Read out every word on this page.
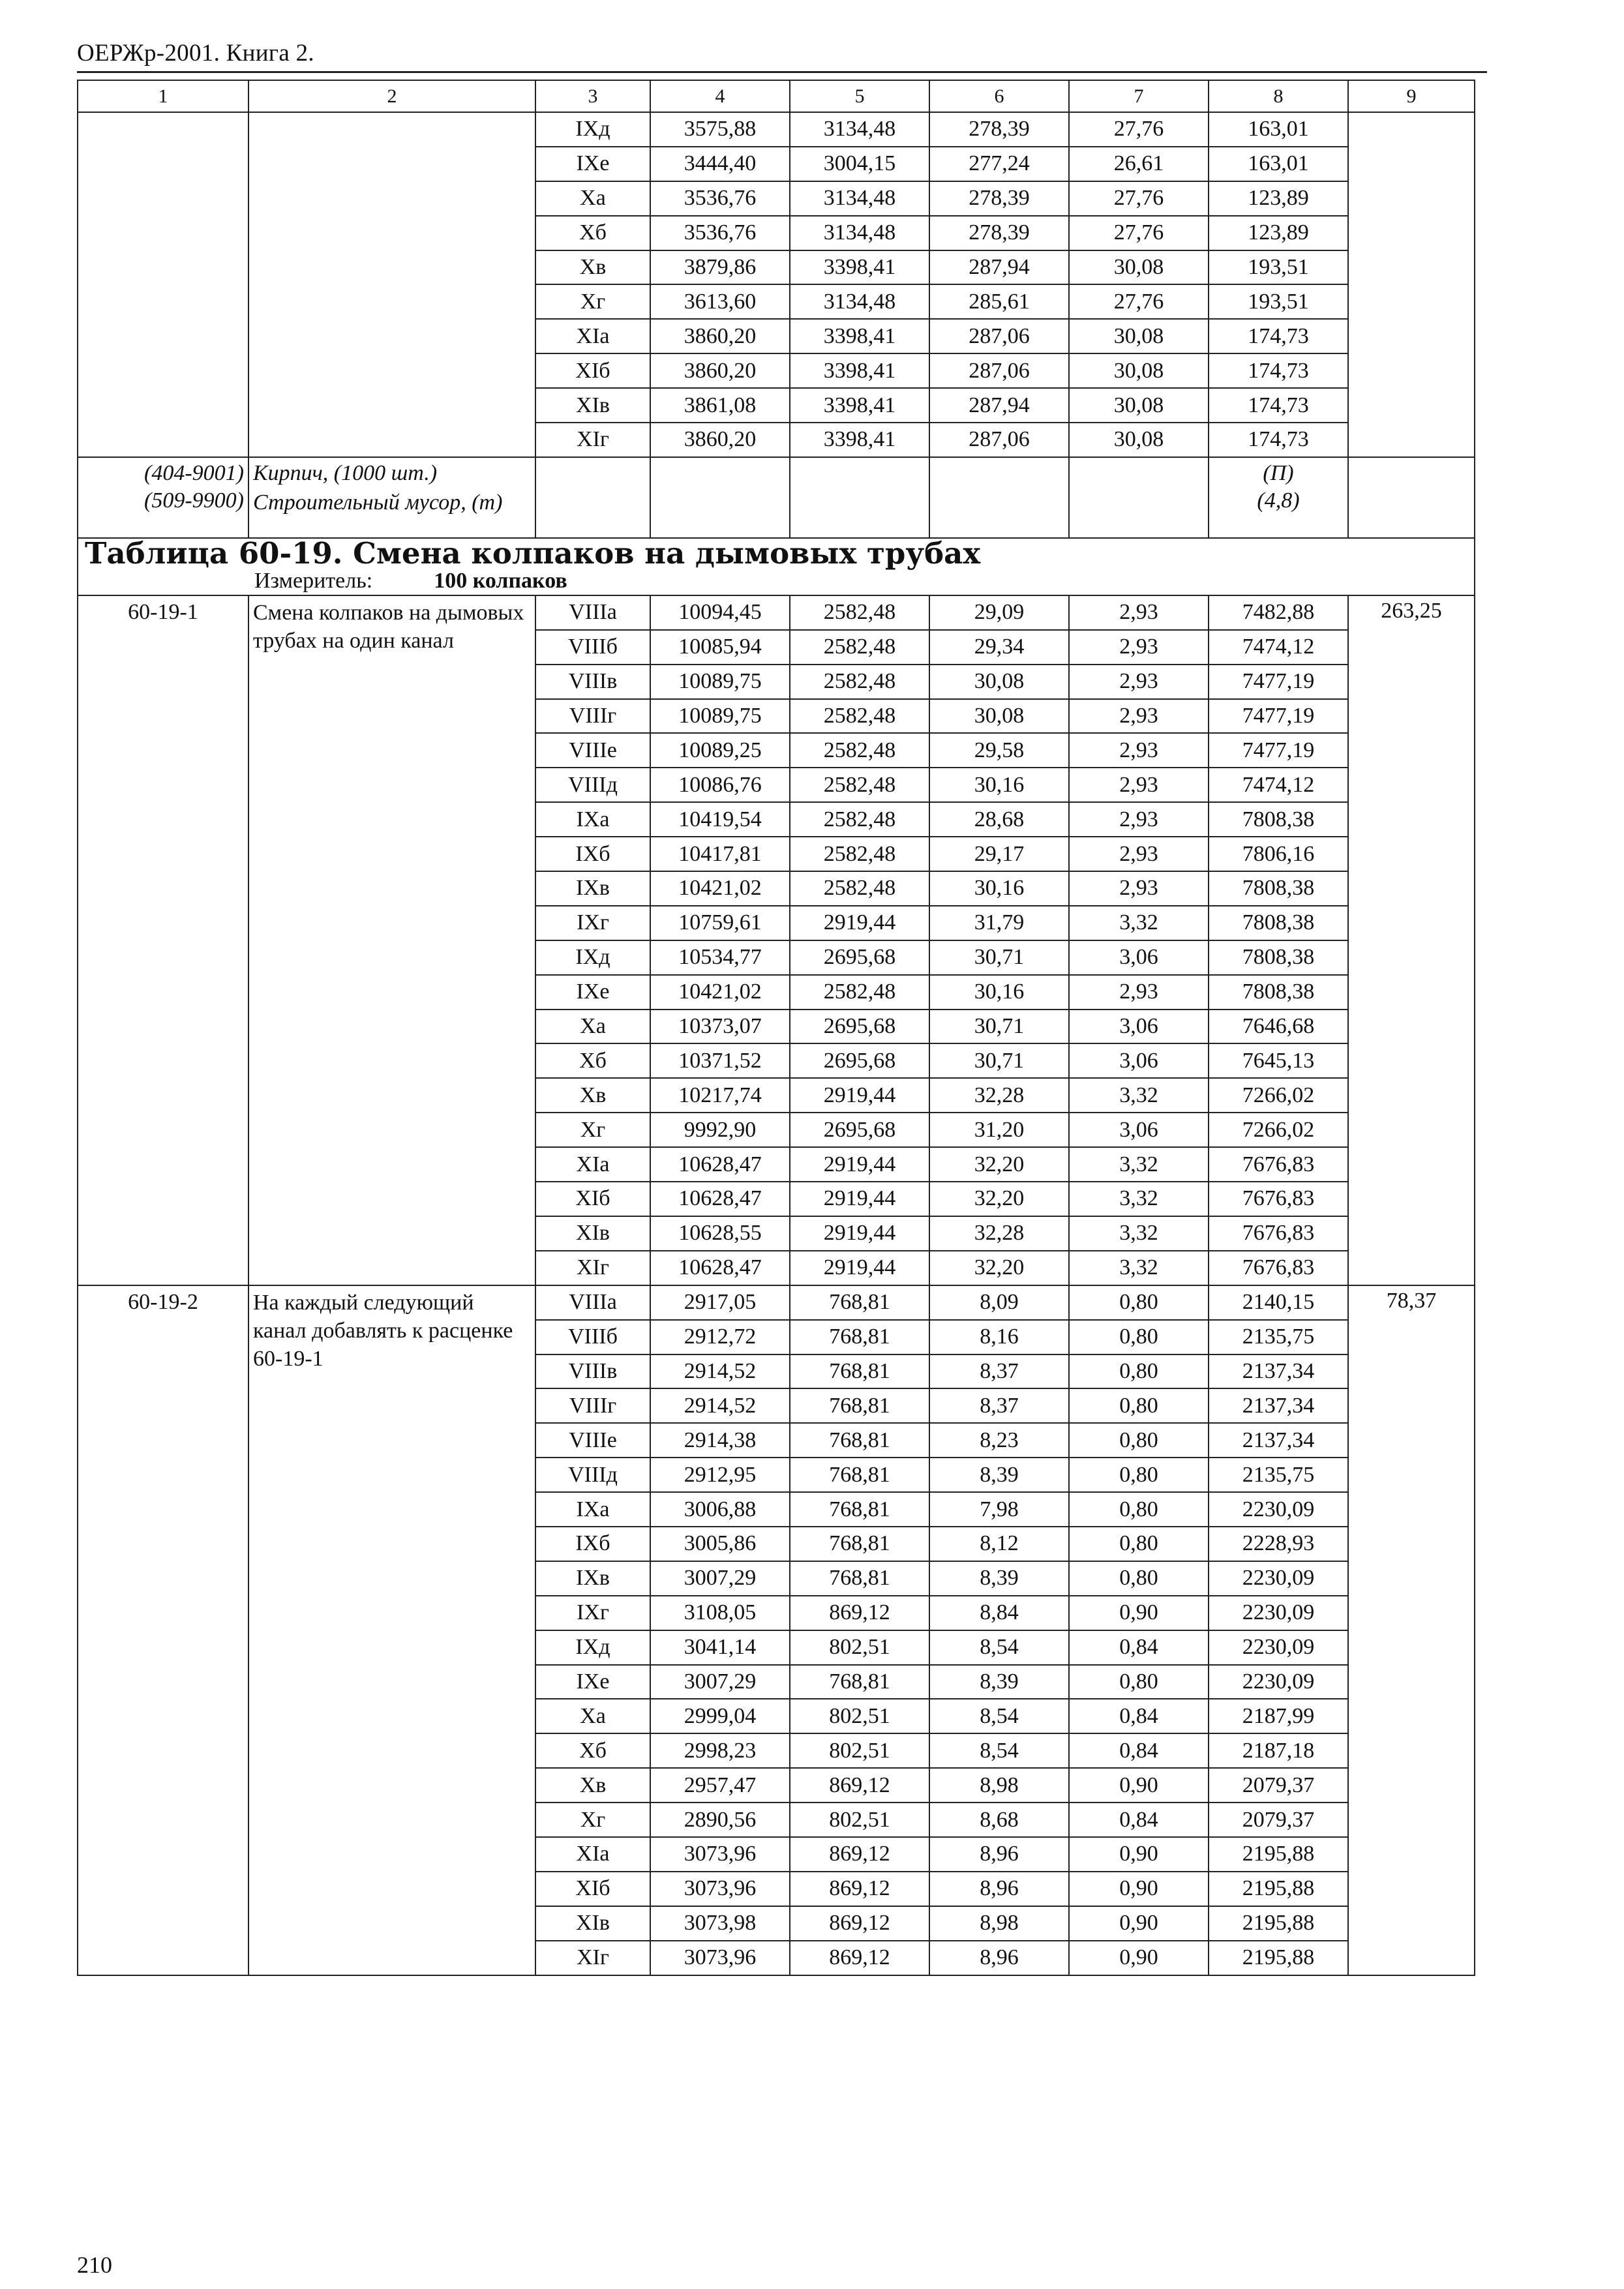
ОЕРЖр-2001. Книга 2.
1	2	3	4	5	6	7	8	9
		IXд	3575,88	3134,48	278,39	27,76	163,01	
		IXе	3444,40	3004,15	277,24	26,61	163,01	
		Xа	3536,76	3134,48	278,39	27,76	123,89	
		Xб	3536,76	3134,48	278,39	27,76	123,89	
		Xв	3879,86	3398,41	287,94	30,08	193,51	
		Xг	3613,60	3134,48	285,61	27,76	193,51	
		XIа	3860,20	3398,41	287,06	30,08	174,73	
		XIб	3860,20	3398,41	287,06	30,08	174,73	
		XIв	3861,08	3398,41	287,94	30,08	174,73	
		XIг	3860,20	3398,41	287,06	30,08	174,73	
(404-9001)	Кирпич, (1000 шт.)						(П)	
(509-9900)	Строительный мусор, (т)						(4,8)	

Таблица 60-19. Смена колпаков на дымовых трубах
Измеритель: 100 колпаков								

60-19-1	Смена колпаков на дымовых трубах на один канал	VIIIа	10094,45	2582,48	29,09	2,93	7482,88	263,25
		VIIIб	10085,94	2582,48	29,34	2,93	7474,12	
		VIIIв	10089,75	2582,48	30,08	2,93	7477,19	
		VIIIг	10089,75	2582,48	30,08	2,93	7477,19	
		VIIIе	10089,25	2582,48	29,58	2,93	7477,19	
		VIIIд	10086,76	2582,48	30,16	2,93	7474,12	
		IXа	10419,54	2582,48	28,68	2,93	7808,38	
		IXб	10417,81	2582,48	29,17	2,93	7806,16	
		IXв	10421,02	2582,48	30,16	2,93	7808,38	
		IXг	10759,61	2919,44	31,79	3,32	7808,38	
		IXд	10534,77	2695,68	30,71	3,06	7808,38	
		IXе	10421,02	2582,48	30,16	2,93	7808,38	
		Xа	10373,07	2695,68	30,71	3,06	7646,68	
		Xб	10371,52	2695,68	30,71	3,06	7645,13	
		Xв	10217,74	2919,44	32,28	3,32	7266,02	
		Xг	9992,90	2695,68	31,20	3,06	7266,02	
		XIа	10628,47	2919,44	32,20	3,32	7676,83	
		XIб	10628,47	2919,44	32,20	3,32	7676,83	
		XIв	10628,55	2919,44	32,28	3,32	7676,83	
		XIг	10628,47	2919,44	32,20	3,32	7676,83	
60-19-2	На каждый следующий канал добавлять к расценке 60-19-1	VIIIа	2917,05	768,81	8,09	0,80	2140,15	78,37
		VIIIб	2912,72	768,81	8,16	0,80	2135,75	
		VIIIв	2914,52	768,81	8,37	0,80	2137,34	
		VIIIг	2914,52	768,81	8,37	0,80	2137,34	
		VIIIе	2914,38	768,81	8,23	0,80	2137,34	
		VIIIд	2912,95	768,81	8,39	0,80	2135,75	
		IXа	3006,88	768,81	7,98	0,80	2230,09	
		IXб	3005,86	768,81	8,12	0,80	2228,93	
		IXв	3007,29	768,81	8,39	0,80	2230,09	
		IXг	3108,05	869,12	8,84	0,90	2230,09	
		IXд	3041,14	802,51	8,54	0,84	2230,09	
		IXе	3007,29	768,81	8,39	0,80	2230,09	
		Xа	2999,04	802,51	8,54	0,84	2187,99	
		Xб	2998,23	802,51	8,54	0,84	2187,18	
		Xв	2957,47	869,12	8,98	0,90	2079,37	
		Xг	2890,56	802,51	8,68	0,84	2079,37	
		XIа	3073,96	869,12	8,96	0,90	2195,88	
		XIб	3073,96	869,12	8,96	0,90	2195,88	
		XIв	3073,98	869,12	8,98	0,90	2195,88	
		XIг	3073,96	869,12	8,96	0,90	2195,88	
210
